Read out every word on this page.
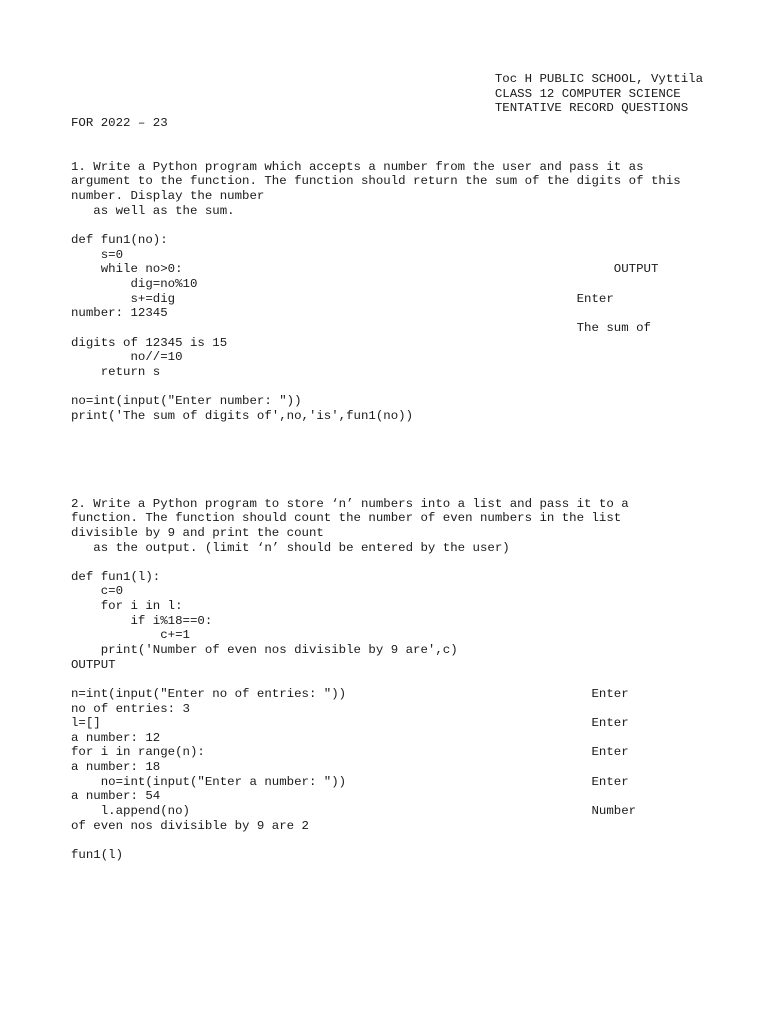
Toc H PUBLIC SCHOOL, Vyttila
CLASS 12 COMPUTER SCIENCE
TENTATIVE RECORD QUESTIONS
FOR 2022 – 23
1. Write a Python program which accepts a number from the user and pass it as
argument to the function. The function should return the sum of the digits of this
number. Display the number
as well as the sum.
def fun1(no):
s=0
while no>0:                                                          OUTPUT
dig=no%10
s+=dig                                                      Enter
number: 12345
The sum of
digits of 12345 is 15
no//=10
return s
no=int(input("Enter number: "))
print('The sum of digits of',no,'is',fun1(no))
2. Write a Python program to store ‘n’ numbers into a list and pass it to a
function. The function should count the number of even numbers in the list
divisible by 9 and print the count
as the output. (limit ‘n’ should be entered by the user)
def fun1(l):
c=0
for i in l:
if i%18==0:
c+=1
print('Number of even nos divisible by 9 are',c)
OUTPUT
n=int(input("Enter no of entries: "))                                 Enter
no of entries: 3
l=[]                                                                  Enter
a number: 12
for i in range(n):                                                    Enter
a number: 18
no=int(input("Enter a number: "))                                 Enter
a number: 54
l.append(no)                                                      Number
of even nos divisible by 9 are 2
fun1(l)
